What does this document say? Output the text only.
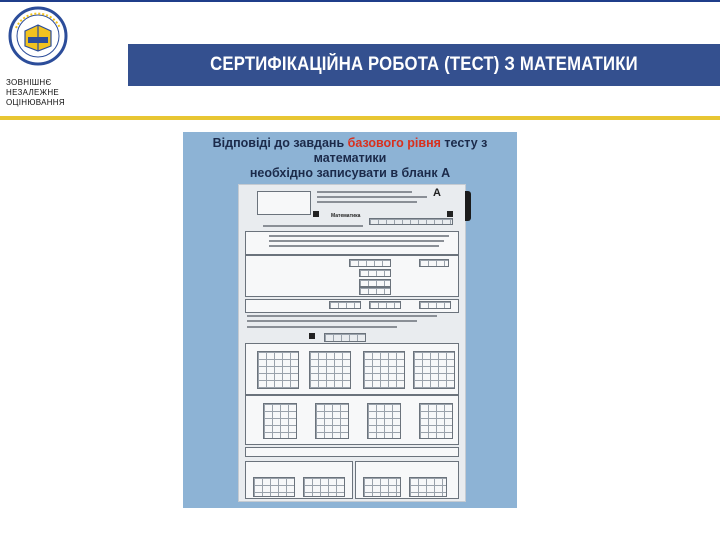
ЗОВНІШНЄ
НЕЗАЛЕЖНЕ
ОЦІНЮВАННЯ
СЕРТИФІКАЦІЙНА РОБОТА (ТЕСТ) З МАТЕМАТИКИ
Відповіді до завдань базового рівня тесту з математики
необхідно записувати в бланк А
А
Математика
